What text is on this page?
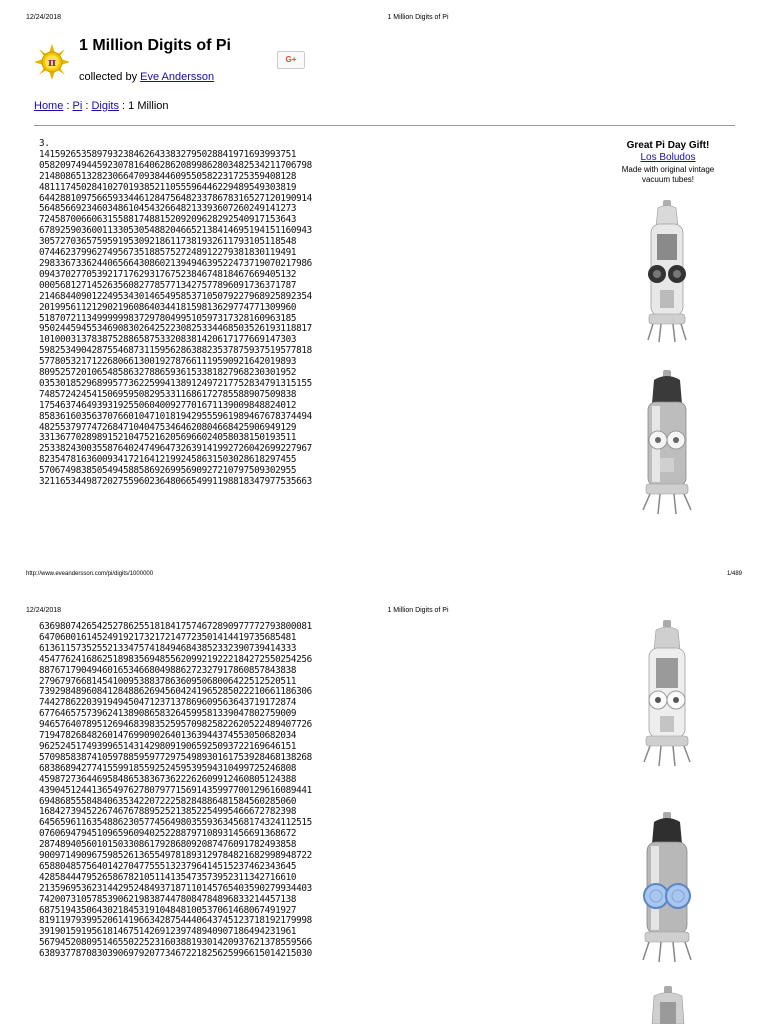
12/24/2018	1 Million Digits of Pi
π
1 Million Digits of Pi
collected by Eve Andersson
G+
Home : Pi : Digits : 1 Million
3.
1415926535897932384626433832795028841971693993751
0582097494459230781640628620899862803482534211706798
2148086513282306647093844609550582231725359408128
4811174502841027019385211055596446229489549303819
6442881097566593344612847564823378678316527120190914
5648566923460348610454326648213393607260249141273
7245870066063155881748815209209628292540917153643
6789259036001133053054882046652138414695194151160943
3057270365759591953092186117381932611793105118548
0744623799627495673518857527248912279381830119491
2983367336244065664308602139494639522473719070217986
0943702770539217176293176752384674818467669405132
0005681271452635608277857713427577896091736371787
2146844090122495343014654958537105079227968925892354
2019956112129021960864034418159813629774771309960
5187072113499999983729780499510597317328160963185
9502445945534690830264252230825334468503526193118817
1010003137838752886587533208381420617177669147303
5982534904287554687311595628638823537875937519577818
5778053217122680661300192787661119590921642019893
8095257201065485863278865936153381827968230301952
0353018529689957736225994138912497217752834791315155
7485724245415069595082953311686172785588907509838
1754637464939319255060400927701671139009848824012
8583616035637076601047101819429555961989467678374494
4825537977472684710404753464620804668425906949129
3313677028989152104752162056966024058038150193511
2533824300355876402474964732639141992726042699227967
8235478163600934172164121992458631503028618297455
5706749838505494588586926995690927210797509302955
3211653449872027559602364806654991198818347977535663
Great Pi Day Gift!
Los Boludos
Made with original vintage vacuum tubes!
http://www.eveandersson.com/pi/digits/1000000	1/489
12/24/2018	1 Million Digits of Pi
6369807426542527862551818417574672890977772793800081
6470600161452491921732172147723501414419735685481
6136115735255213347574184946843852332390739414333
4547762416862518983569485562099219222184272550254256
8876717904946016534668049886272327917860857843838
2796797668145410095388378636095068006422512520511
7392984896084128488626945604241965285022210661186306
7442786220391949450471237137869609563643719172874
6776465757396241389086583264599581339047802759009
9465764078951269468398352595709825822620522489407726
7194782684826014769909026401363944374553050682034
9625245174939965143142980919065925093722169646151
5709858387410597885959772975498930161753928468138268
6838689427741559918559252459539594310499725246808
4598727364469584865383673622262609912460805124388
4390451244136549762780797715691435997700129616089441
6948685558484063534220722258284886481584560285060
1684273945226746767889525213852254995466672782398
6456596116354886230577456498035593634568174324112515
0760694794510965960940252288797108931456691368672
2874894056010150330861792868092087476091782493858
9009714909675985261365549781893129784821682998948722
6588048575640142704775551323796414515237462343645
4285844479526586782105114135473573952311342716610
2135969536231442952484937187110145765403590279934403
7420073105785390621983874478084784896833214457138
6875194350643021845319104848100537061468067491927
8191197939952061419663428754440643745123718192179998
3919015919561814675142691239748940907186494231961
5679452080951465502252316038819301420937621378559566
6389377870830390697920773467221825625996615014215030
